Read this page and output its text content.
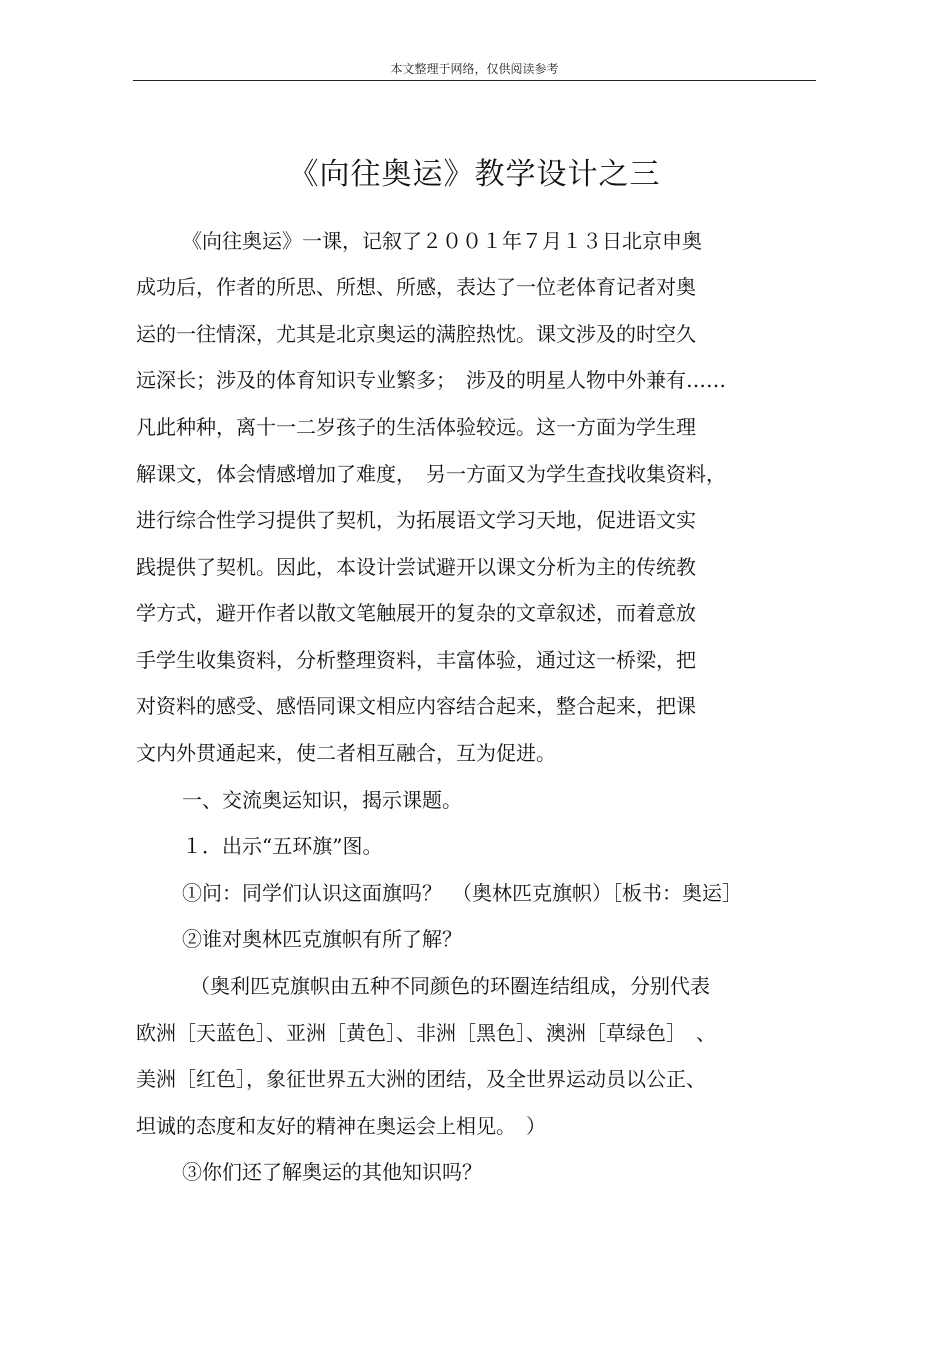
本文整理于网络，仅供阅读参考
《向往奥运》教学设计之三
《向往奥运》一课，记叙了２００１年７月１３日北京申奥
成功后，作者的所思、所想、所感，表达了一位老体育记者对奥
运的一往情深，尤其是北京奥运的满腔热忱。课文涉及的时空久
远深长；涉及的体育知识专业繁多；　涉及的明星人物中外兼有……
凡此种种，离十一二岁孩子的生活体验较远。这一方面为学生理
解课文，体会情感增加了难度，　另一方面又为学生查找收集资料，
进行综合性学习提供了契机，为拓展语文学习天地，促进语文实
践提供了契机。因此，本设计尝试避开以课文分析为主的传统教
学方式，避开作者以散文笔触展开的复杂的文章叙述，而着意放
手学生收集资料，分析整理资料，丰富体验，通过这一桥梁，把
对资料的感受、感悟同课文相应内容结合起来，整合起来，把课
文内外贯通起来，使二者相互融合，互为促进。
一、交流奥运知识，揭示课题。
１．出示“五环旗”图。
①问：同学们认识这面旗吗？　（奥林匹克旗帜）［板书：奥运］
②谁对奥林匹克旗帜有所了解？
（奥利匹克旗帜由五种不同颜色的环圈连结组成，分别代表
欧洲［天蓝色］、亚洲［黄色］、非洲［黑色］、澳洲［草绿色］　、
美洲［红色］，象征世界五大洲的团结，及全世界运动员以公正、
坦诚的态度和友好的精神在奥运会上相见。　）
③你们还了解奥运的其他知识吗？
